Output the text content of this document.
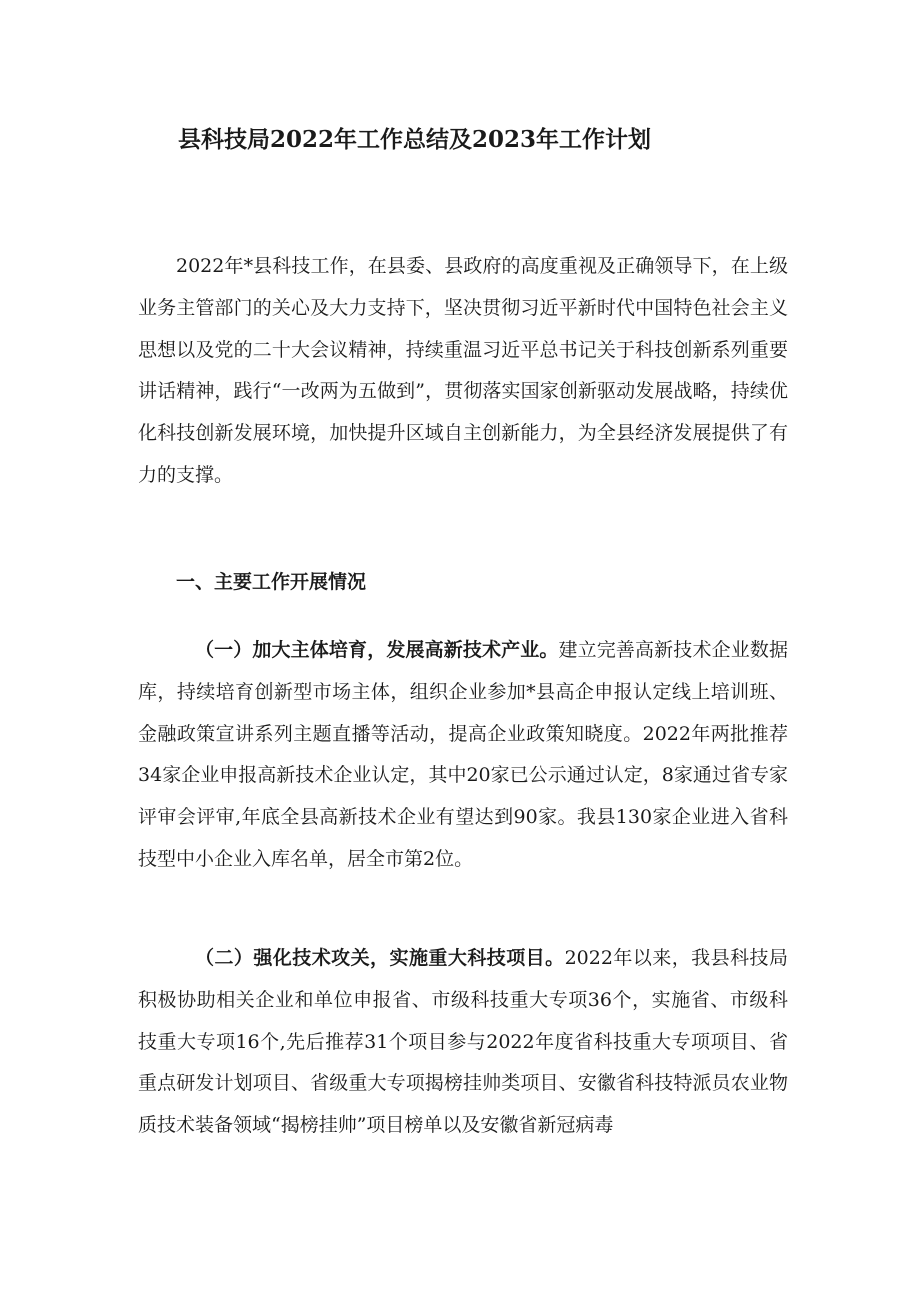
县科技局2022年工作总结及2023年工作计划

2022年*县科技工作，在县委、县政府的高度重视及正确领导下，在上级业务主管部门的关心及大力支持下，坚决贯彻习近平新时代中国特色社会主义思想以及党的二十大会议精神，持续重温习近平总书记关于科技创新系列重要讲话精神，践行“一改两为五做到”，贯彻落实国家创新驱动发展战略，持续优化科技创新发展环境，加快提升区域自主创新能力，为全县经济发展提供了有力的支撑。

一、主要工作开展情况

（一）加大主体培育，发展高新技术产业。建立完善高新技术企业数据库，持续培育创新型市场主体，组织企业参加*县高企申报认定线上培训班、金融政策宣讲系列主题直播等活动，提高企业政策知晓度。2022年两批推荐34家企业申报高新技术企业认定，其中20家已公示通过认定，8家通过省专家评审会评审,年底全县高新技术企业有望达到90家。我县130家企业进入省科技型中小企业入库名单，居全市第2位。

（二）强化技术攻关，实施重大科技项目。2022年以来，我县科技局积极协助相关企业和单位申报省、市级科技重大专项36个，实施省、市级科技重大专项16个,先后推荐31个项目参与2022年度省科技重大专项项目、省重点研发计划项目、省级重大专项揭榜挂帅类项目、安徽省科技特派员农业物质技术装备领域“揭榜挂帅”项目榜单以及安徽省新冠病毒
